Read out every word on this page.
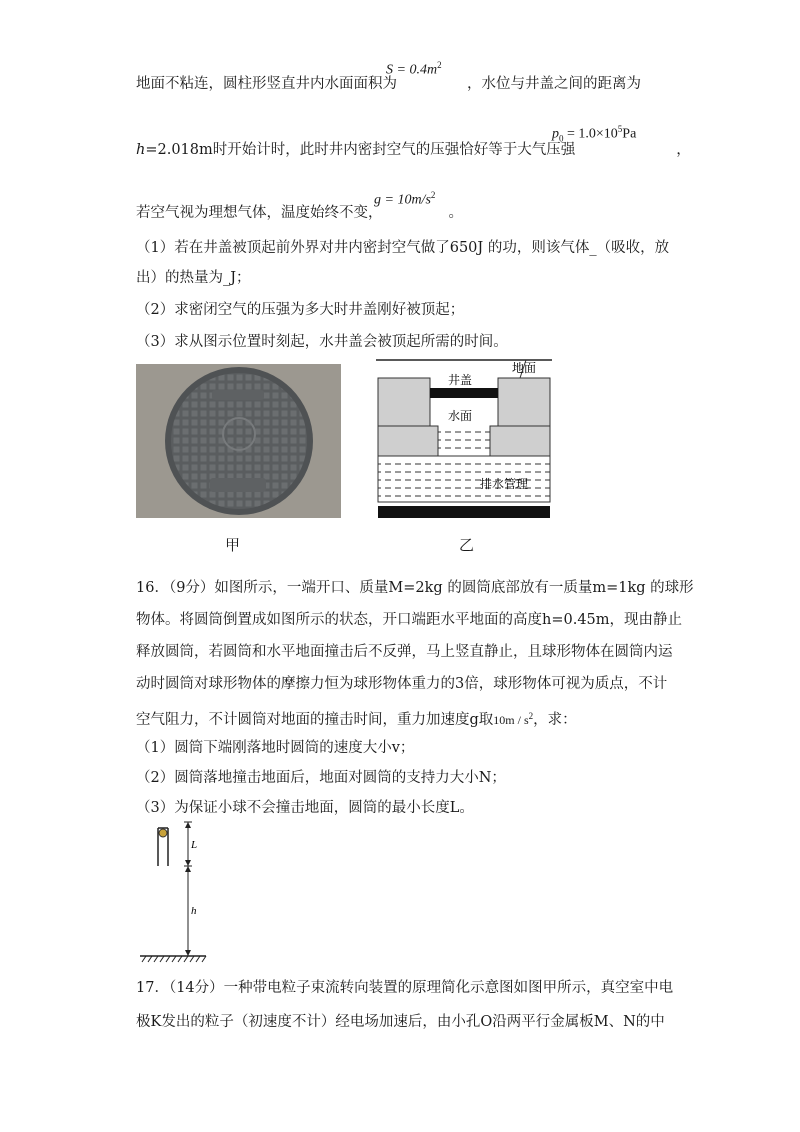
地面不粘连，圆柱形竖直井内水面面积为	，水位与井盖之间的距离为
$S = 0.4m^2$
h=2.018m时开始计时，此时井内密封空气的压强恰好等于大气压强	，
$p_0 = 1.0\times 10^5Pa$
若空气视为理想气体，温度始终不变，	。
$g = 10m/s^2$
（1）若在井盖被顶起前外界对井内密封空气做了650J 的功，则该气体_（吸收，放
出）的热量为_J；
（2）求密闭空气的压强为多大时井盖刚好被顶起；
（3）求从图示位置时刻起，水井盖会被顶起所需的时间。
甲
地面
井盖
水面
排水管理
乙
16．（9分）如图所示，一端开口、质量M=2kg 的圆筒底部放有一质量m=1kg 的球形
物体。将圆筒倒置成如图所示的状态，开口端距水平地面的高度h=0.45m，现由静止
释放圆筒，若圆筒和水平地面撞击后不反弹，马上竖直静止，且球形物体在圆筒内运
动时圆筒对球形物体的摩擦力恒为球形物体重力的3倍，球形物体可视为质点，不计
空气阻力，不计圆筒对地面的撞击时间，重力加速度g取$10m / s^2$，求：
（1）圆筒下端刚落地时圆筒的速度大小v；
（2）圆筒落地撞击地面后，地面对圆筒的支持力大小N；
（3）为保证小球不会撞击地面，圆筒的最小长度L。
L
h
17．（14分）一种带电粒子束流转向装置的原理简化示意图如图甲所示，真空室中电
极K发出的粒子（初速度不计）经电场加速后，由小孔O沿两平行金属板M、N的中
